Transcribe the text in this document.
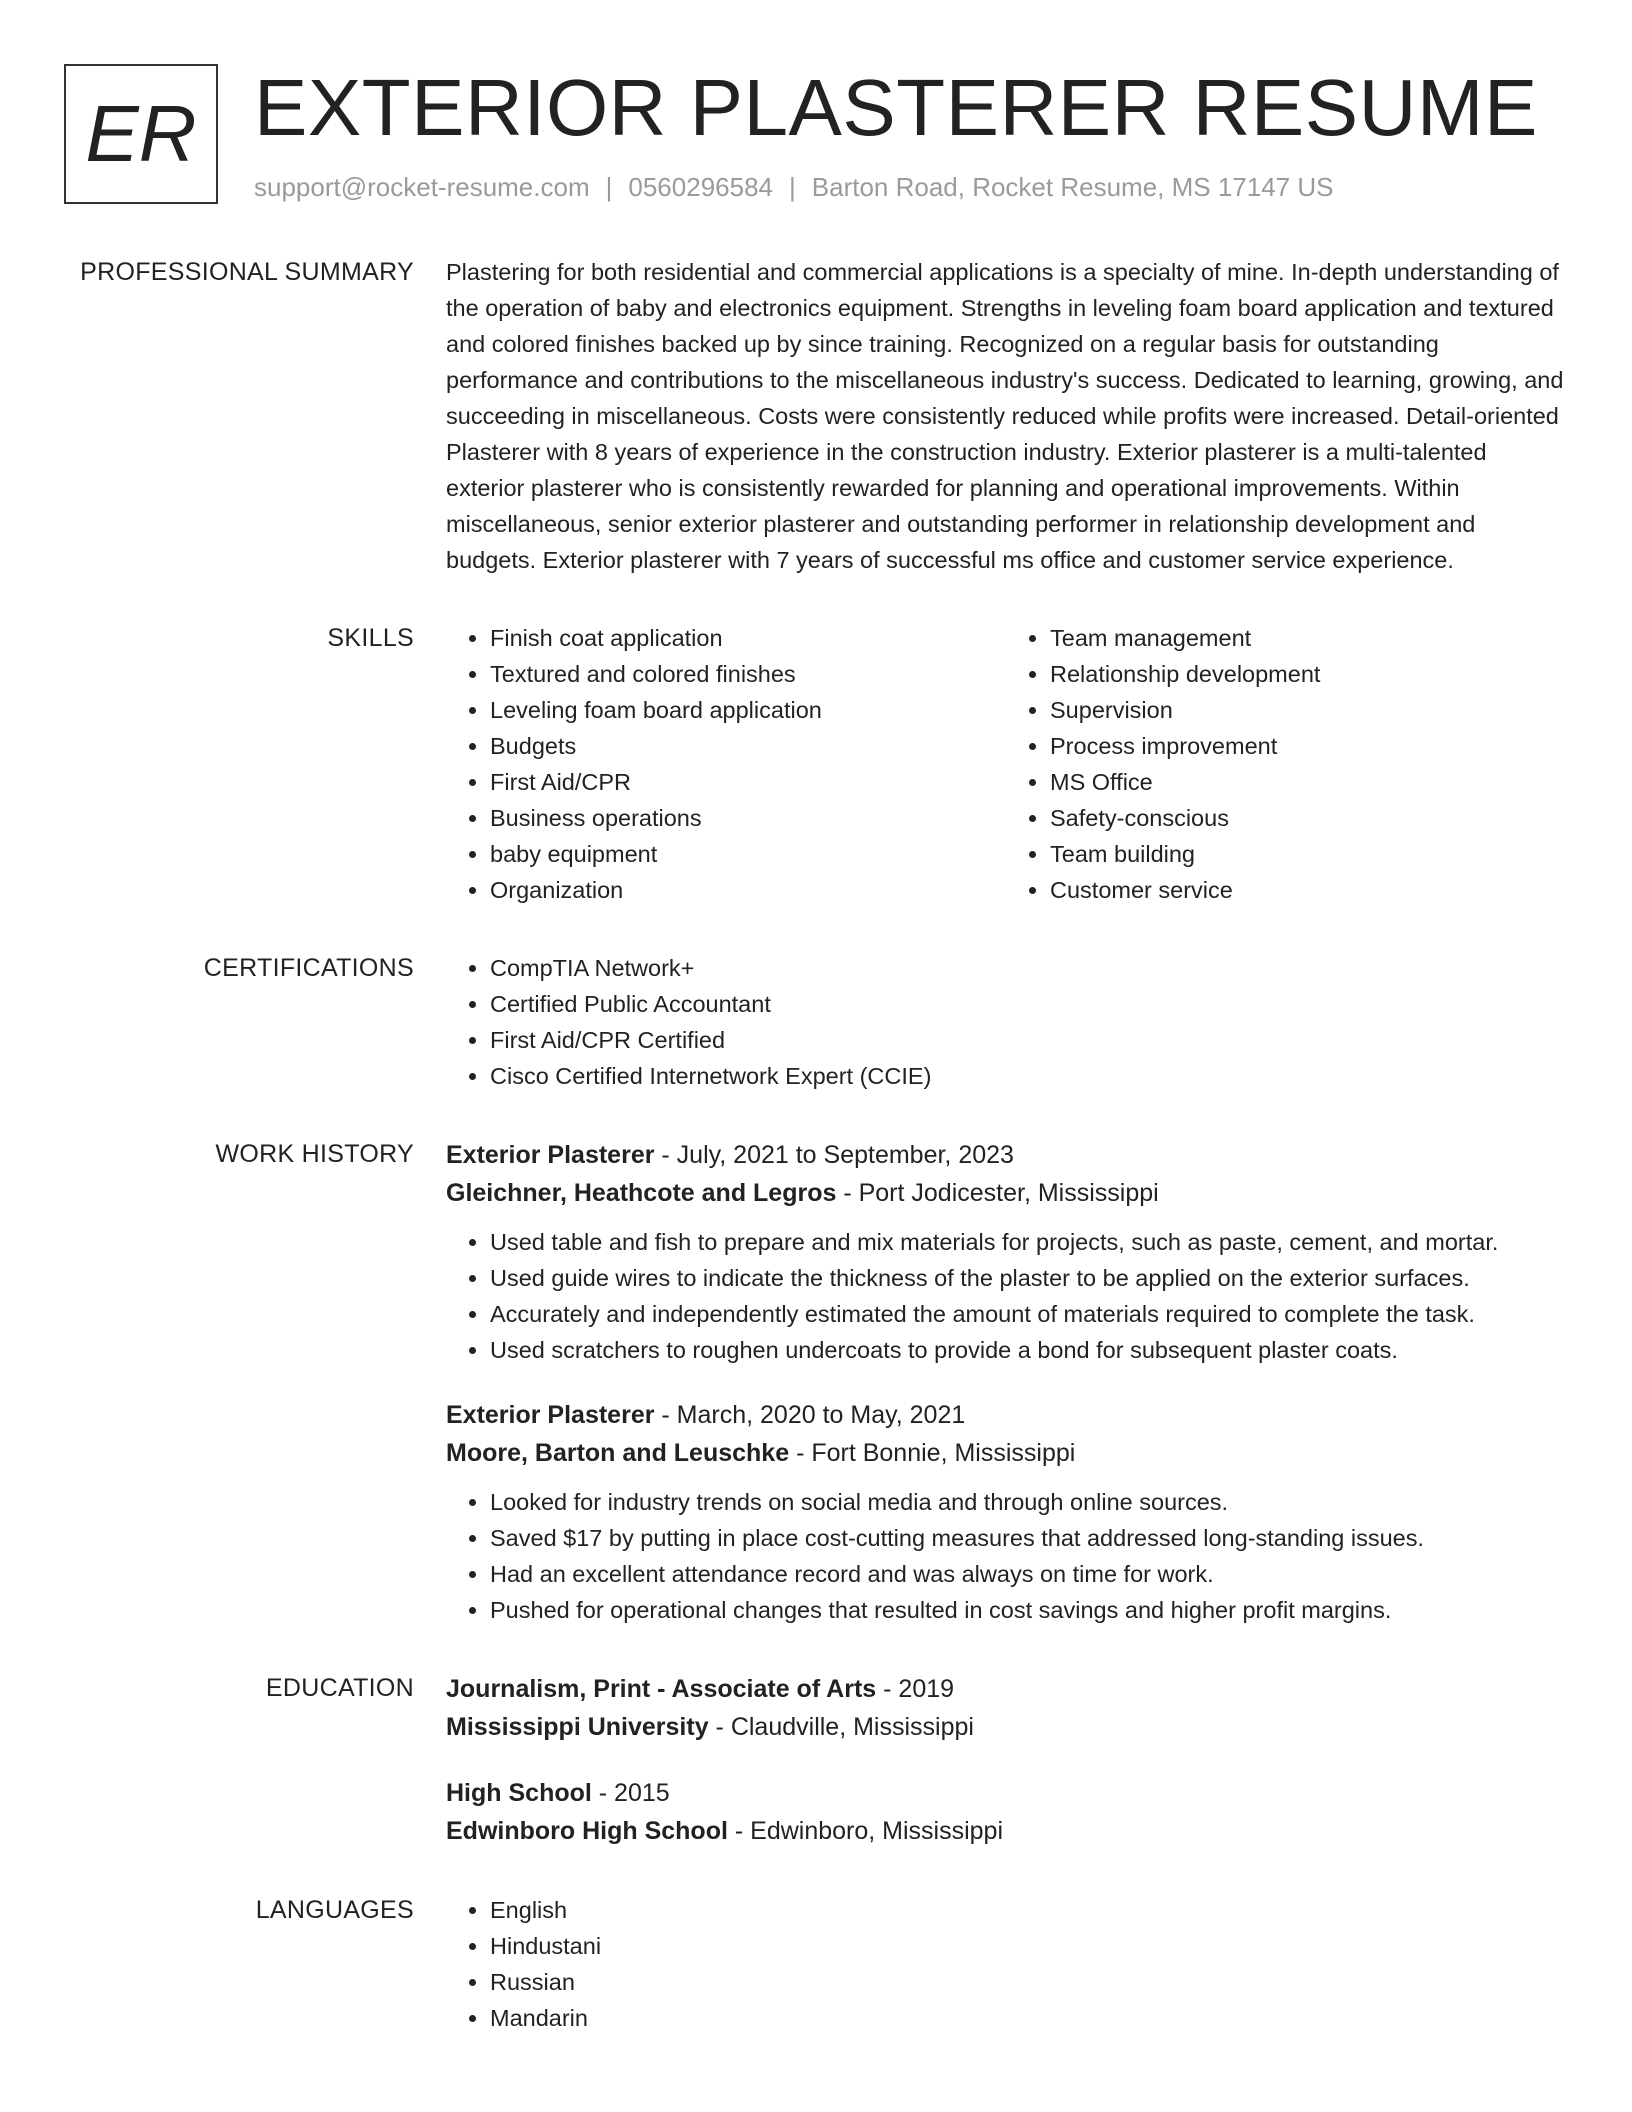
ER EXTERIOR PLASTERER RESUME
support@rocket-resume.com | 0560296584 | Barton Road, Rocket Resume, MS 17147 US
PROFESSIONAL SUMMARY Plastering for both residential and commercial applications is a specialty of mine. In-depth understanding of the operation of baby and electronics equipment. Strengths in leveling foam board application and textured and colored finishes backed up by since training. Recognized on a regular basis for outstanding performance and contributions to the miscellaneous industry's success. Dedicated to learning, growing, and succeeding in miscellaneous. Costs were consistently reduced while profits were increased. Detail-oriented Plasterer with 8 years of experience in the construction industry. Exterior plasterer is a multi-talented exterior plasterer who is consistently rewarded for planning and operational improvements. Within miscellaneous, senior exterior plasterer and outstanding performer in relationship development and budgets. Exterior plasterer with 7 years of successful ms office and customer service experience.

SKILLS	• Finish coat application
• Textured and colored finishes
• Leveling foam board application
• Budgets
• First Aid/CPR
• Business operations
• baby equipment
• Organization
• Team management
• Relationship development
• Supervision
• Process improvement
• MS Office
• Safety-conscious
• Team building
• Customer service
CERTIFICATIONS	• CompTIA Network+
• Certified Public Accountant
• First Aid/CPR Certified
• Cisco Certified Internetwork Expert (CCIE)
WORK HISTORY Exterior Plasterer - July, 2021 to September, 2023
Gleichner, Heathcote and Legros - Port Jodicester, Mississippi
• Used table and fish to prepare and mix materials for projects, such as paste, cement, and mortar.
• Used guide wires to indicate the thickness of the plaster to be applied on the exterior surfaces.
• Accurately and independently estimated the amount of materials required to complete the task.
• Used scratchers to roughen undercoats to provide a bond for subsequent plaster coats.
Exterior Plasterer - March, 2020 to May, 2021
Moore, Barton and Leuschke - Fort Bonnie, Mississippi
• Looked for industry trends on social media and through online sources.
• Saved $17 by putting in place cost-cutting measures that addressed long-standing issues.
• Had an excellent attendance record and was always on time for work.
• Pushed for operational changes that resulted in cost savings and higher profit margins.
EDUCATION Journalism, Print - Associate of Arts - 2019
Mississippi University - Claudville, Mississippi
High School - 2015
Edwinboro High School - Edwinboro, Mississippi
LANGUAGES	• English
• Hindustani
• Russian
• Mandarin
